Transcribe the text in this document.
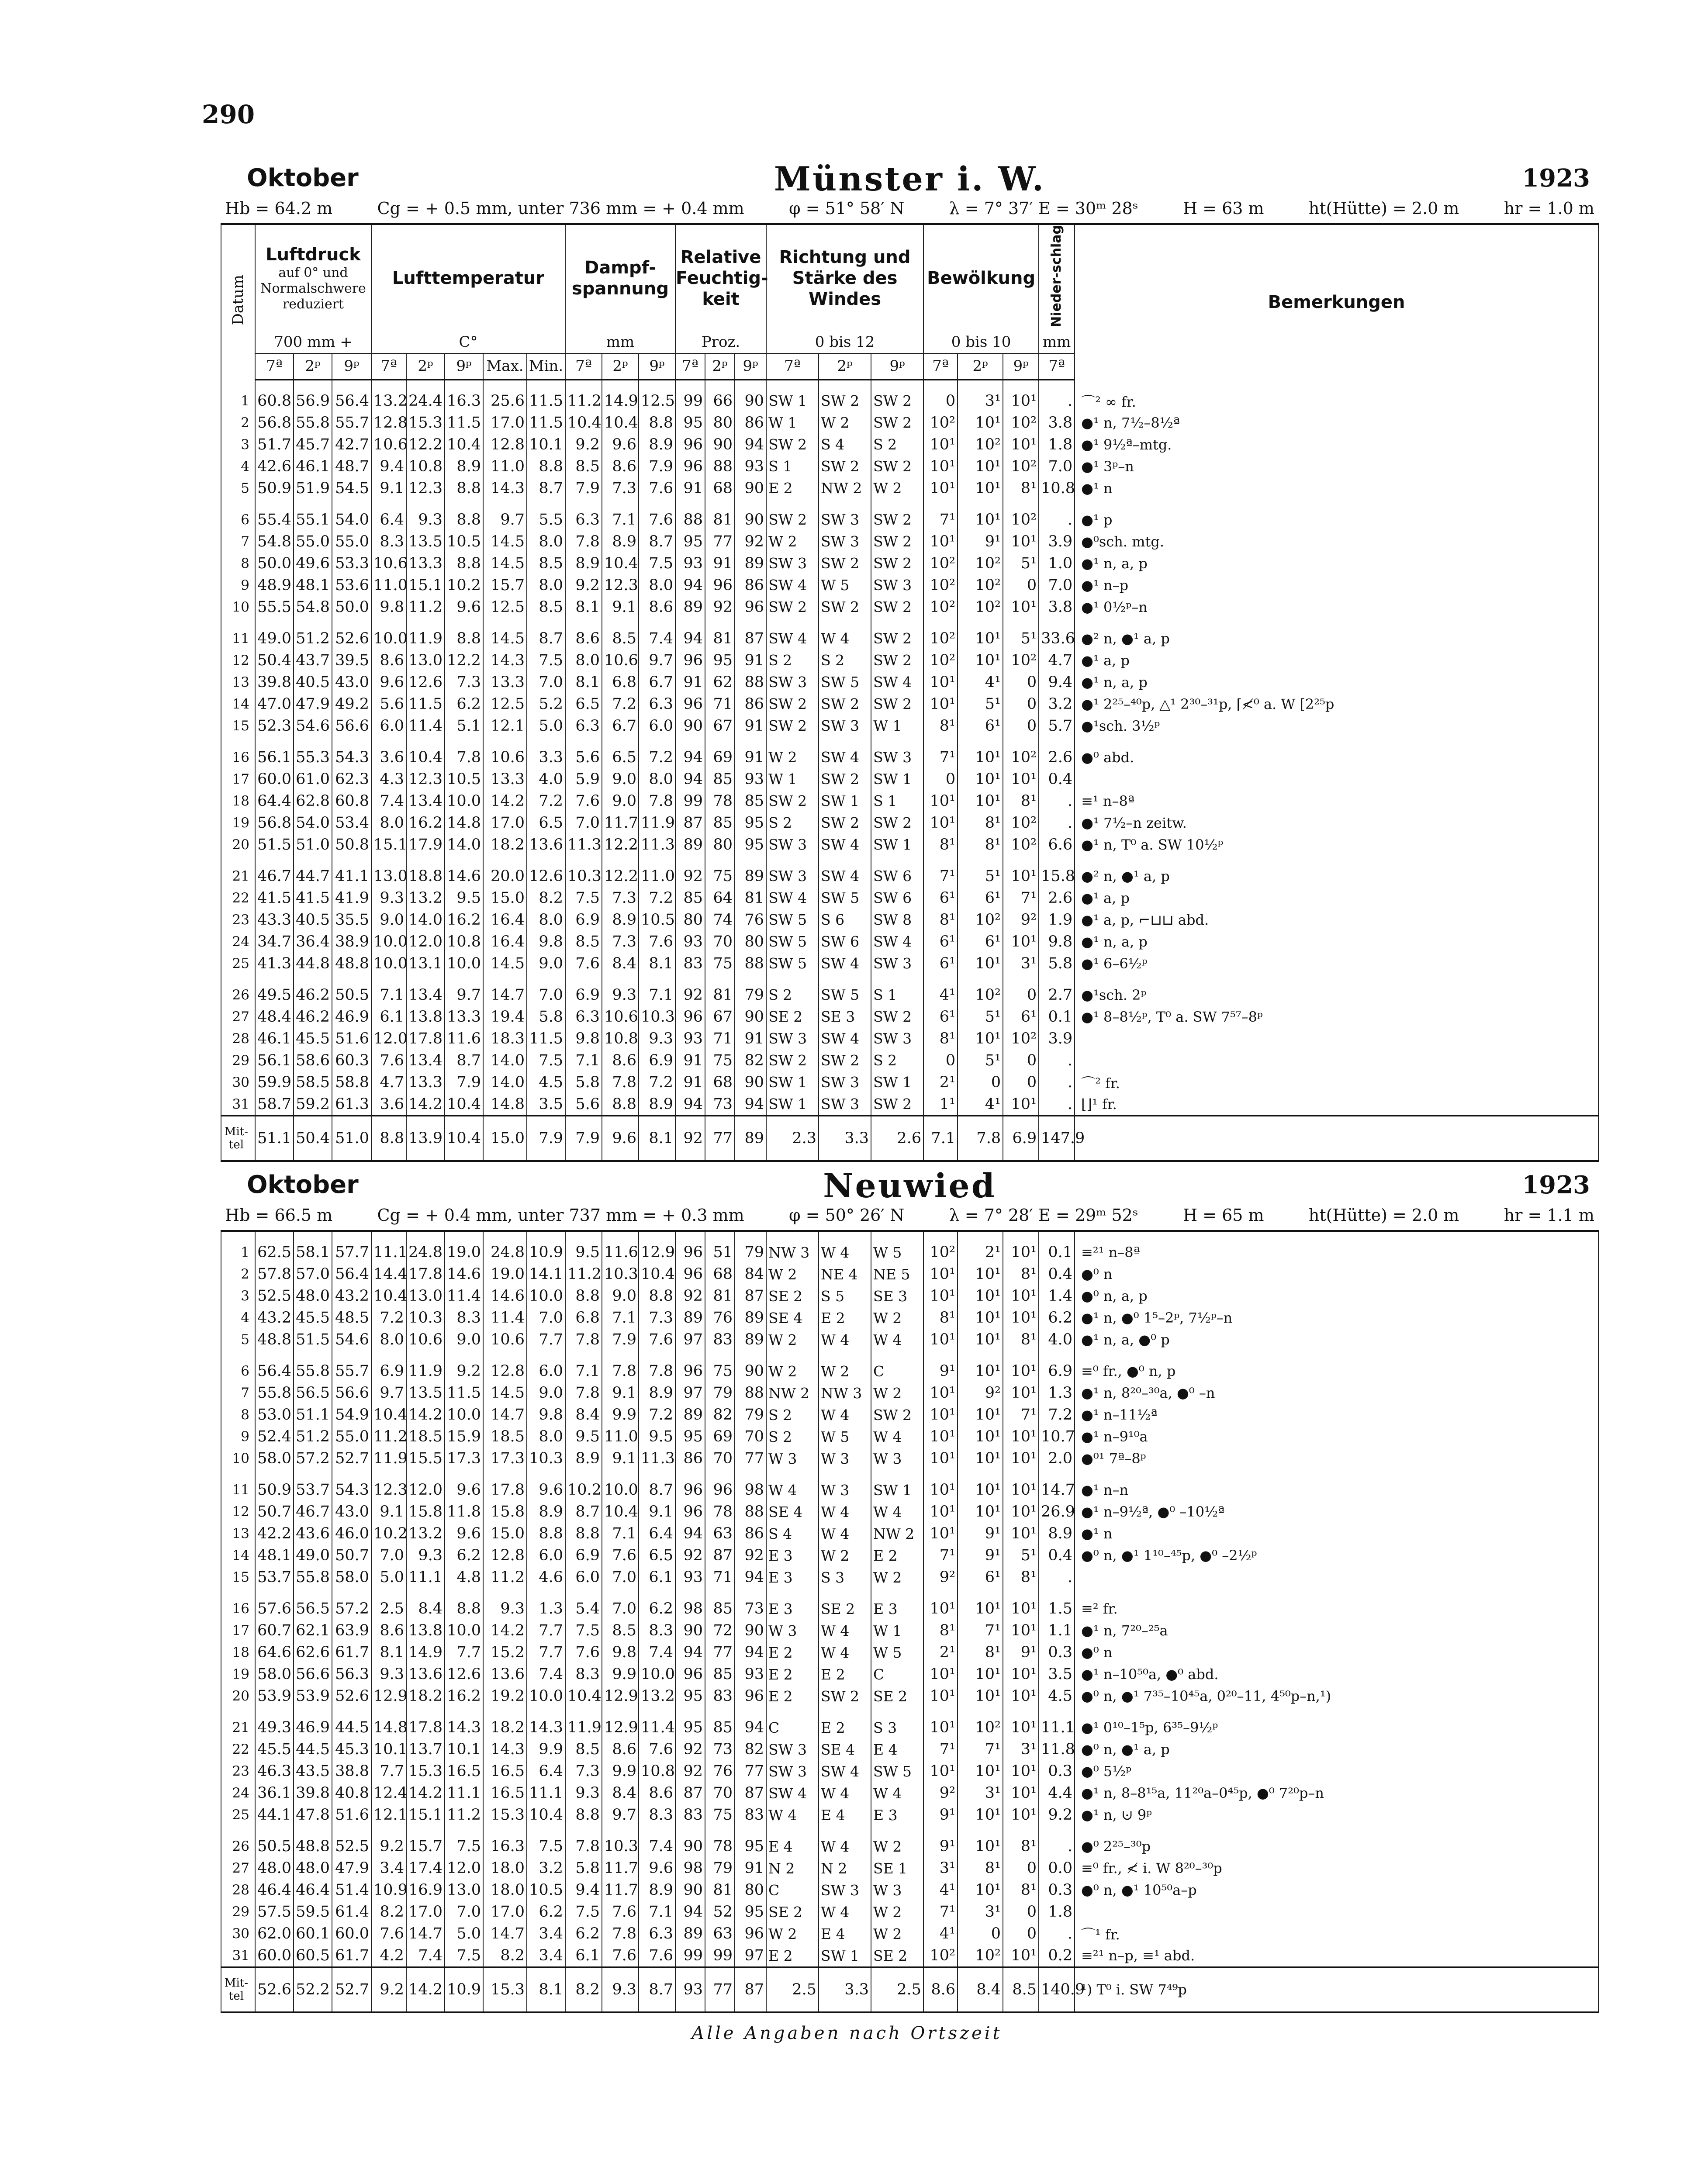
290
Oktober	Münster i. W.	1923
Hb = 64.2 m	Cg = + 0.5 mm, unter 736 mm = + 0.4 mm	φ = 51° 58′ N	λ = 7° 37′ E = 30ᵐ 28ˢ	H = 63 m	ht(Hütte) = 2.0 m	hr = 1.0 m
Datum	Luftdruck
auf 0° und Normalschwere reduziert			Lufttemperatur					Dampf-spannung			Relative Feuchtig-keit			Richtung und Stärke des Windes			Bewölkung			Nieder-schlag	Bemerkungen
	700 mm +			C°					mm			Proz.			0 bis 12			0 bis 10			mm	
	7ª	2ᵖ	9ᵖ	7ª	2ᵖ	9ᵖ	Max.	Min.	7ª	2ᵖ	9ᵖ	7ª	2ᵖ	9ᵖ	7ª	2ᵖ	9ᵖ	7ª	2ᵖ	9ᵖ	7ª	

1	60.8	56.9	56.4	13.2	24.4	16.3	25.6	11.5	11.2	14.9	12.5	99	66	90	SW 1	SW 2	SW 2	0	3¹	10¹	.	⌒² ∞ fr.
2	56.8	55.8	55.7	12.8	15.3	11.5	17.0	11.5	10.4	10.4	8.8	95	80	86	W 1	W 2	SW 2	10²	10¹	10²	3.8	●¹ n, 7½–8½ª
3	51.7	45.7	42.7	10.6	12.2	10.4	12.8	10.1	9.2	9.6	8.9	96	90	94	SW 2	S 4	S 2	10¹	10²	10¹	1.8	●¹ 9½ª–mtg.
4	42.6	46.1	48.7	9.4	10.8	8.9	11.0	8.8	8.5	8.6	7.9	96	88	93	S 1	SW 2	SW 2	10¹	10¹	10²	7.0	●¹ 3ᵖ–n
5	50.9	51.9	54.5	9.1	12.3	8.8	14.3	8.7	7.9	7.3	7.6	91	68	90	E 2	NW 2	W 2	10¹	10¹	8¹	10.8	●¹ n

6	55.4	55.1	54.0	6.4	9.3	8.8	9.7	5.5	6.3	7.1	7.6	88	81	90	SW 2	SW 3	SW 2	7¹	10¹	10²	.	●¹ p
7	54.8	55.0	55.0	8.3	13.5	10.5	14.5	8.0	7.8	8.9	8.7	95	77	92	W 2	SW 3	SW 2	10¹	9¹	10¹	3.9	●⁰sch. mtg.
8	50.0	49.6	53.3	10.6	13.3	8.8	14.5	8.5	8.9	10.4	7.5	93	91	89	SW 3	SW 2	SW 2	10²	10²	5¹	1.0	●¹ n, a, p
9	48.9	48.1	53.6	11.0	15.1	10.2	15.7	8.0	9.2	12.3	8.0	94	96	86	SW 4	W 5	SW 3	10²	10²	0	7.0	●¹ n–p
10	55.5	54.8	50.0	9.8	11.2	9.6	12.5	8.5	8.1	9.1	8.6	89	92	96	SW 2	SW 2	SW 2	10²	10²	10¹	3.8	●¹ 0½ᵖ–n

11	49.0	51.2	52.6	10.0	11.9	8.8	14.5	8.7	8.6	8.5	7.4	94	81	87	SW 4	W 4	SW 2	10²	10¹	5¹	33.6	●² n, ●¹ a, p
12	50.4	43.7	39.5	8.6	13.0	12.2	14.3	7.5	8.0	10.6	9.7	96	95	91	S 2	S 2	SW 2	10²	10¹	10²	4.7	●¹ a, p
13	39.8	40.5	43.0	9.6	12.6	7.3	13.3	7.0	8.1	6.8	6.7	91	62	88	SW 3	SW 5	SW 4	10¹	4¹	0	9.4	●¹ n, a, p
14	47.0	47.9	49.2	5.6	11.5	6.2	12.5	5.2	6.5	7.2	6.3	96	71	86	SW 2	SW 2	SW 2	10¹	5¹	0	3.2	●¹ 2²⁵–⁴⁰p, △¹ 2³⁰–³¹p, ⌈≮⁰ a. W [2²⁵p
15	52.3	54.6	56.6	6.0	11.4	5.1	12.1	5.0	6.3	6.7	6.0	90	67	91	SW 2	SW 3	W 1	8¹	6¹	0	5.7	●¹sch. 3½ᵖ

16	56.1	55.3	54.3	3.6	10.4	7.8	10.6	3.3	5.6	6.5	7.2	94	69	91	W 2	SW 4	SW 3	7¹	10¹	10²	2.6	●⁰ abd.
17	60.0	61.0	62.3	4.3	12.3	10.5	13.3	4.0	5.9	9.0	8.0	94	85	93	W 1	SW 2	SW 1	0	10¹	10¹	0.4	
18	64.4	62.8	60.8	7.4	13.4	10.0	14.2	7.2	7.6	9.0	7.8	99	78	85	SW 2	SW 1	S 1	10¹	10¹	8¹	.	≡¹ n–8ª
19	56.8	54.0	53.4	8.0	16.2	14.8	17.0	6.5	7.0	11.7	11.9	87	85	95	S 2	SW 2	SW 2	10¹	8¹	10²	.	●¹ 7½–n zeitw.
20	51.5	51.0	50.8	15.1	17.9	14.0	18.2	13.6	11.3	12.2	11.3	89	80	95	SW 3	SW 4	SW 1	8¹	8¹	10²	6.6	●¹ n, T⁰ a. SW 10½ᵖ

21	46.7	44.7	41.1	13.0	18.8	14.6	20.0	12.6	10.3	12.2	11.0	92	75	89	SW 3	SW 4	SW 6	7¹	5¹	10¹	15.8	●² n, ●¹ a, p
22	41.5	41.5	41.9	9.3	13.2	9.5	15.0	8.2	7.5	7.3	7.2	85	64	81	SW 4	SW 5	SW 6	6¹	6¹	7¹	2.6	●¹ a, p
23	43.3	40.5	35.5	9.0	14.0	16.2	16.4	8.0	6.9	8.9	10.5	80	74	76	SW 5	S 6	SW 8	8¹	10²	9²	1.9	●¹ a, p, ⌐⊔⊔ abd.
24	34.7	36.4	38.9	10.0	12.0	10.8	16.4	9.8	8.5	7.3	7.6	93	70	80	SW 5	SW 6	SW 4	6¹	6¹	10¹	9.8	●¹ n, a, p
25	41.3	44.8	48.8	10.0	13.1	10.0	14.5	9.0	7.6	8.4	8.1	83	75	88	SW 5	SW 4	SW 3	6¹	10¹	3¹	5.8	●¹ 6–6½ᵖ

26	49.5	46.2	50.5	7.1	13.4	9.7	14.7	7.0	6.9	9.3	7.1	92	81	79	S 2	SW 5	S 1	4¹	10²	0	2.7	●¹sch. 2ᵖ
27	48.4	46.2	46.9	6.1	13.8	13.3	19.4	5.8	6.3	10.6	10.3	96	67	90	SE 2	SE 3	SW 2	6¹	5¹	6¹	0.1	●¹ 8–8½ᵖ, T⁰ a. SW 7⁵⁷–8ᵖ
28	46.1	45.5	51.6	12.0	17.8	11.6	18.3	11.5	9.8	10.8	9.3	93	71	91	SW 3	SW 4	SW 3	8¹	10¹	10²	3.9	
29	56.1	58.6	60.3	7.6	13.4	8.7	14.0	7.5	7.1	8.6	6.9	91	75	82	SW 2	SW 2	S 2	0	5¹	0	.	
30	59.9	58.5	58.8	4.7	13.3	7.9	14.0	4.5	5.8	7.8	7.2	91	68	90	SW 1	SW 3	SW 1	2¹	0	0	.	⌒² fr.
31	58.7	59.2	61.3	3.6	14.2	10.4	14.8	3.5	5.6	8.8	8.9	94	73	94	SW 1	SW 3	SW 2	1¹	4¹	10¹	.	⌊⌋¹ fr.
Mit-tel	51.1	50.4	51.0	8.8	13.9	10.4	15.0	7.9	7.9	9.6	8.1	92	77	89	2.3	3.3	2.6	7.1	7.8	6.9	147.9	
Oktober	Neuwied	1923
Hb = 66.5 m	Cg = + 0.4 mm, unter 737 mm = + 0.3 mm	φ = 50° 26′ N	λ = 7° 28′ E = 29ᵐ 52ˢ	H = 65 m	ht(Hütte) = 2.0 m	hr = 1.1 m

1	62.5	58.1	57.7	11.1	24.8	19.0	24.8	10.9	9.5	11.6	12.9	96	51	79	NW 3	W 4	W 5	10²	2¹	10¹	0.1	≡²¹ n–8ª
2	57.8	57.0	56.4	14.4	17.8	14.6	19.0	14.1	11.2	10.3	10.4	96	68	84	W 2	NE 4	NE 5	10¹	10¹	8¹	0.4	●⁰ n
3	52.5	48.0	43.2	10.4	13.0	11.4	14.6	10.0	8.8	9.0	8.8	92	81	87	SE 2	S 5	SE 3	10¹	10¹	10¹	1.4	●⁰ n, a, p
4	43.2	45.5	48.5	7.2	10.3	8.3	11.4	7.0	6.8	7.1	7.3	89	76	89	SE 4	E 2	W 2	8¹	10¹	10¹	6.2	●¹ n, ●⁰ 1⁵–2ᵖ, 7½ᵖ–n
5	48.8	51.5	54.6	8.0	10.6	9.0	10.6	7.7	7.8	7.9	7.6	97	83	89	W 2	W 4	W 4	10¹	10¹	8¹	4.0	●¹ n, a, ●⁰ p

6	56.4	55.8	55.7	6.9	11.9	9.2	12.8	6.0	7.1	7.8	7.8	96	75	90	W 2	W 2	C	9¹	10¹	10¹	6.9	≡⁰ fr., ●⁰ n, p
7	55.8	56.5	56.6	9.7	13.5	11.5	14.5	9.0	7.8	9.1	8.9	97	79	88	NW 2	NW 3	W 2	10¹	9²	10¹	1.3	●¹ n, 8²⁰–³⁰a, ●⁰ –n
8	53.0	51.1	54.9	10.4	14.2	10.0	14.7	9.8	8.4	9.9	7.2	89	82	79	S 2	W 4	SW 2	10¹	10¹	7¹	7.2	●¹ n–11½ª
9	52.4	51.2	55.0	11.2	18.5	15.9	18.5	8.0	9.5	11.0	9.5	95	69	70	S 2	W 5	W 4	10¹	10¹	10¹	10.7	●¹ n–9¹⁰a
10	58.0	57.2	52.7	11.9	15.5	17.3	17.3	10.3	8.9	9.1	11.3	86	70	77	W 3	W 3	W 3	10¹	10¹	10¹	2.0	●⁰¹ 7ª–8ᵖ

11	50.9	53.7	54.3	12.3	12.0	9.6	17.8	9.6	10.2	10.0	8.7	96	96	98	W 4	W 3	SW 1	10¹	10¹	10¹	14.7	●¹ n–n
12	50.7	46.7	43.0	9.1	15.8	11.8	15.8	8.9	8.7	10.4	9.1	96	78	88	SE 4	W 4	W 4	10¹	10¹	10¹	26.9	●¹ n–9½ª, ●⁰ –10½ª
13	42.2	43.6	46.0	10.2	13.2	9.6	15.0	8.8	8.8	7.1	6.4	94	63	86	S 4	W 4	NW 2	10¹	9¹	10¹	8.9	●¹ n
14	48.1	49.0	50.7	7.0	9.3	6.2	12.8	6.0	6.9	7.6	6.5	92	87	92	E 3	W 2	E 2	7¹	9¹	5¹	0.4	●⁰ n, ●¹ 1¹⁰–⁴⁵p, ●⁰ –2½ᵖ
15	53.7	55.8	58.0	5.0	11.1	4.8	11.2	4.6	6.0	7.0	6.1	93	71	94	E 3	S 3	W 2	9²	6¹	8¹	.	

16	57.6	56.5	57.2	2.5	8.4	8.8	9.3	1.3	5.4	7.0	6.2	98	85	73	E 3	SE 2	E 3	10¹	10¹	10¹	1.5	≡² fr.
17	60.7	62.1	63.9	8.6	13.8	10.0	14.2	7.7	7.5	8.5	8.3	90	72	90	W 3	W 4	W 1	8¹	7¹	10¹	1.1	●¹ n, 7²⁰–²⁵a
18	64.6	62.6	61.7	8.1	14.9	7.7	15.2	7.7	7.6	9.8	7.4	94	77	94	E 2	W 4	W 5	2¹	8¹	9¹	0.3	●⁰ n
19	58.0	56.6	56.3	9.3	13.6	12.6	13.6	7.4	8.3	9.9	10.0	96	85	93	E 2	E 2	C	10¹	10¹	10¹	3.5	●¹ n–10⁵⁰a, ●⁰ abd.
20	53.9	53.9	52.6	12.9	18.2	16.2	19.2	10.0	10.4	12.9	13.2	95	83	96	E 2	SW 2	SE 2	10¹	10¹	10¹	4.5	●⁰ n, ●¹ 7³⁵–10⁴⁵a, 0²⁰–11, 4⁵⁰p–n,¹)

21	49.3	46.9	44.5	14.8	17.8	14.3	18.2	14.3	11.9	12.9	11.4	95	85	94	C	E 2	S 3	10¹	10²	10¹	11.1	●¹ 0¹⁰–1⁵p, 6³⁵–9½ᵖ
22	45.5	44.5	45.3	10.1	13.7	10.1	14.3	9.9	8.5	8.6	7.6	92	73	82	SW 3	SE 4	E 4	7¹	7¹	3¹	11.8	●⁰ n, ●¹ a, p
23	46.3	43.5	38.8	7.7	15.3	16.5	16.5	6.4	7.3	9.9	10.8	92	76	77	SW 3	SW 4	SW 5	10¹	10¹	10¹	0.3	●⁰ 5½ᵖ
24	36.1	39.8	40.8	12.4	14.2	11.1	16.5	11.1	9.3	8.4	8.6	87	70	87	SW 4	W 4	W 4	9²	3¹	10¹	4.4	●¹ n, 8–8¹⁵a, 11²⁰a–0⁴⁵p, ●⁰ 7²⁰p–n
25	44.1	47.8	51.6	12.1	15.1	11.2	15.3	10.4	8.8	9.7	8.3	83	75	83	W 4	E 4	E 3	9¹	10¹	10¹	9.2	●¹ n, ⊍ 9ᵖ

26	50.5	48.8	52.5	9.2	15.7	7.5	16.3	7.5	7.8	10.3	7.4	90	78	95	E 4	W 4	W 2	9¹	10¹	8¹	.	●⁰ 2²⁵–³⁰p
27	48.0	48.0	47.9	3.4	17.4	12.0	18.0	3.2	5.8	11.7	9.6	98	79	91	N 2	N 2	SE 1	3¹	8¹	0	0.0	≡⁰ fr., ≮ i. W 8²⁰–³⁰p
28	46.4	46.4	51.4	10.9	16.9	13.0	18.0	10.5	9.4	11.7	8.9	90	81	80	C	SW 3	W 3	4¹	10¹	8¹	0.3	●⁰ n, ●¹ 10⁵⁰a–p
29	57.5	59.5	61.4	8.2	17.0	7.0	17.0	6.2	7.5	7.6	7.1	94	52	95	SE 2	W 4	W 2	7¹	3¹	0	1.8	
30	62.0	60.1	60.0	7.6	14.7	5.0	14.7	3.4	6.2	7.8	6.3	89	63	96	W 2	E 4	W 2	4¹	0	0	.	⌒¹ fr.
31	60.0	60.5	61.7	4.2	7.4	7.5	8.2	3.4	6.1	7.6	7.6	99	99	97	E 2	SW 1	SE 2	10²	10²	10¹	0.2	≡²¹ n–p, ≡¹ abd.
Mit-tel	52.6	52.2	52.7	9.2	14.2	10.9	15.3	8.1	8.2	9.3	8.7	93	77	87	2.5	3.3	2.5	8.6	8.4	8.5	140.9	¹) T⁰ i. SW 7⁴⁹p
Alle Angaben nach Ortszeit
